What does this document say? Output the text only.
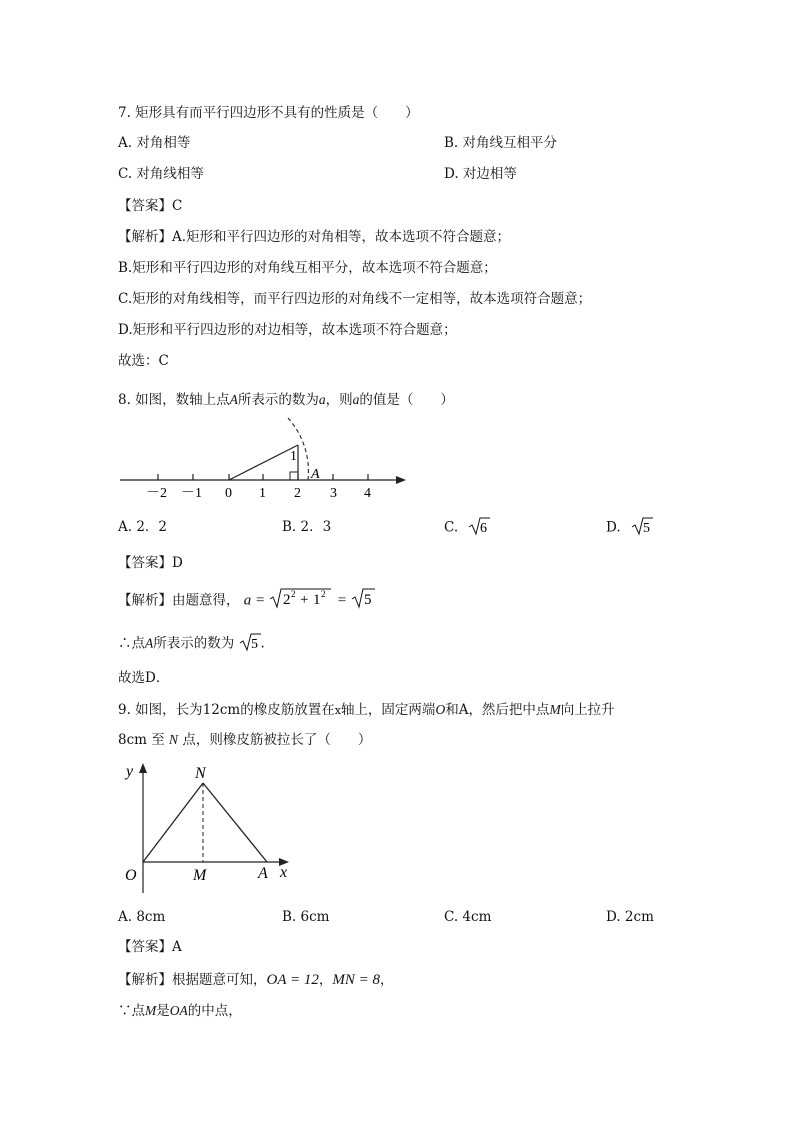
7. 矩形具有而平行四边形不具有的性质是（　　）
A. 对角相等	B. 对角线互相平分
C. 对角线相等	D. 对边相等
【答案】C
【解析】A.矩形和平行四边形的对角相等，故本选项不符合题意；
B.矩形和平行四边形的对角线互相平分，故本选项不符合题意；
C.矩形的对角线相等，而平行四边形的对角线不一定相等，故本选项符合题意；
D.矩形和平行四边形的对边相等，故本选项不符合题意；
故选：C
8. 如图，数轴上点A所表示的数为a，则a的值是（　　）
－2 －1 0 1 2 3 4
1
A
A. 2．2	B. 2．3	C. 6	D. 5
【答案】D
【解析】由题意得， a = 2 2 + 1 2 = 5
∴点A所表示的数为 5 .
故选D．
9. 如图，长为12cm的橡皮筋放置在x轴上，固定两端O和A，然后把中点M向上拉升
8cm 至 N 点，则橡皮筋被拉长了（　　）
y
x
O	M	A
N
A. 8cm	B. 6cm	C. 4cm	D. 2cm
【答案】A
【解析】根据题意可知，OA = 12，MN = 8，
∵点M是OA的中点，
